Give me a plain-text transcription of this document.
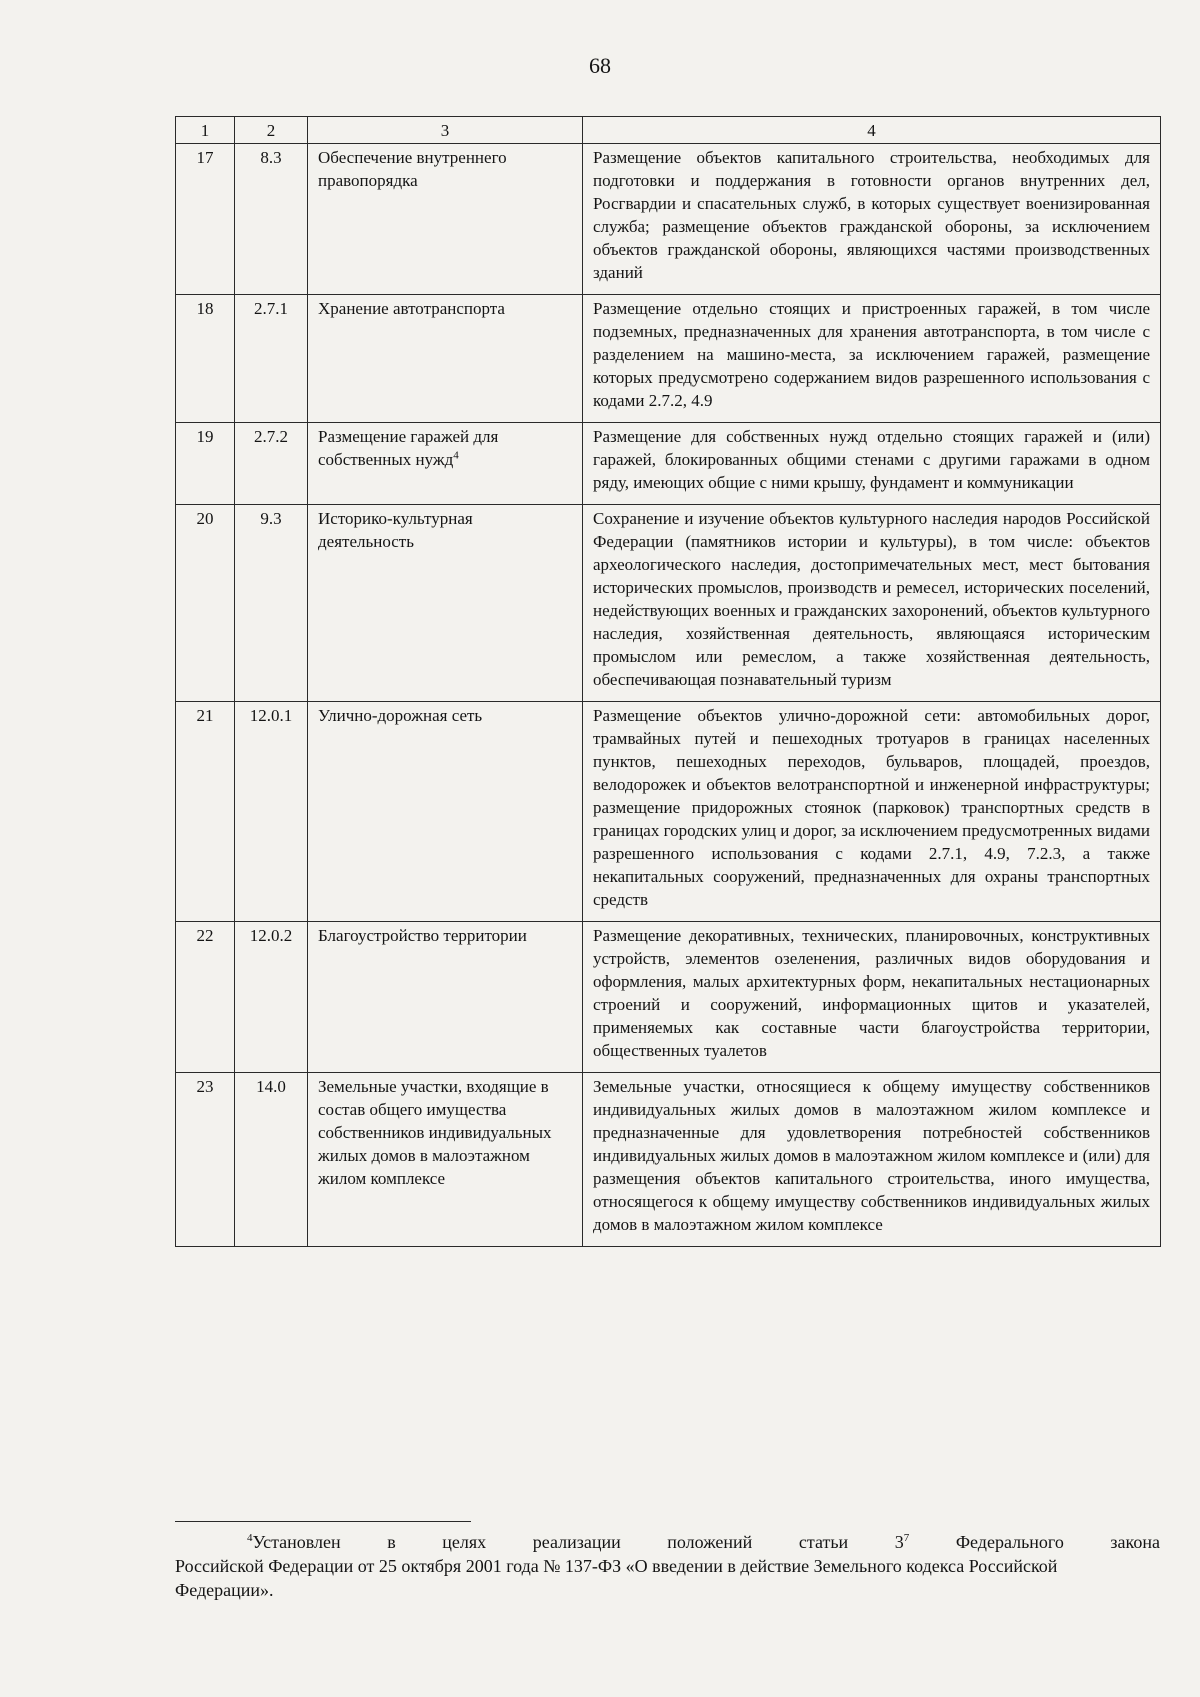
68
1	2	3	4
17	8.3	Обеспечение внутреннего правопорядка	Размещение объектов капитального строительства, необходимых для подготовки и поддержания в готовности органов внутренних дел, Росгвардии и спасательных служб, в которых существует военизированная служба; размещение объектов гражданской обороны, за исключением объектов гражданской обороны, являющихся частями производственных зданий
18	2.7.1	Хранение автотранспорта	Размещение отдельно стоящих и пристроенных гаражей, в том числе подземных, предназначенных для хранения автотранспорта, в том числе с разделением на машино-места, за исключением гаражей, размещение которых предусмотрено содержанием видов разрешенного использования с кодами 2.7.2, 4.9
19	2.7.2	Размещение гаражей для собственных нужд$^4$	Размещение для собственных нужд отдельно стоящих гаражей и (или) гаражей, блокированных общими стенами с другими гаражами в одном ряду, имеющих общие с ними крышу, фундамент и коммуникации
20	9.3	Историко-культурная деятельность	Сохранение и изучение объектов культурного наследия народов Российской Федерации (памятников истории и культуры), в том числе: объектов археологического наследия, достопримечательных мест, мест бытования исторических промыслов, производств и ремесел, исторических поселений, недействующих военных и гражданских захоронений, объектов культурного наследия, хозяйственная деятельность, являющаяся историческим промыслом или ремеслом, а также хозяйственная деятельность, обеспечивающая познавательный туризм
21	12.0.1	Улично-дорожная сеть	Размещение объектов улично-дорожной сети: автомобильных дорог, трамвайных путей и пешеходных тротуаров в границах населенных пунктов, пешеходных переходов, бульваров, площадей, проездов, велодорожек и объектов велотранспортной и инженерной инфраструктуры; размещение придорожных стоянок (парковок) транспортных средств в границах городских улиц и дорог, за исключением предусмотренных видами разрешенного использования с кодами 2.7.1, 4.9, 7.2.3, а также некапитальных сооружений, предназначенных для охраны транспортных средств
22	12.0.2	Благоустройство территории	Размещение декоративных, технических, планировочных, конструктивных устройств, элементов озеленения, различных видов оборудования и оформления, малых архитектурных форм, некапитальных нестационарных строений и сооружений, информационных щитов и указателей, применяемых как составные части благоустройства территории, общественных туалетов
23	14.0	Земельные участки, входящие в состав общего имущества собственников индивидуальных жилых домов в малоэтажном жилом комплексе	Земельные участки, относящиеся к общему имуществу собственников индивидуальных жилых домов в малоэтажном жилом комплексе и предназначенные для удовлетворения потребностей собственников индивидуальных жилых домов в малоэтажном жилом комплексе и (или) для размещения объектов капитального строительства, иного имущества, относящегося к общему имуществу собственников индивидуальных жилых домов в малоэтажном жилом комплексе
$^4$Установлен в целях реализации положений статьи $3^7$ Федерального закона
Российской Федерации от 25 октября 2001 года № 137-ФЗ «О введении в действие Земельного кодекса Российской Федерации».
